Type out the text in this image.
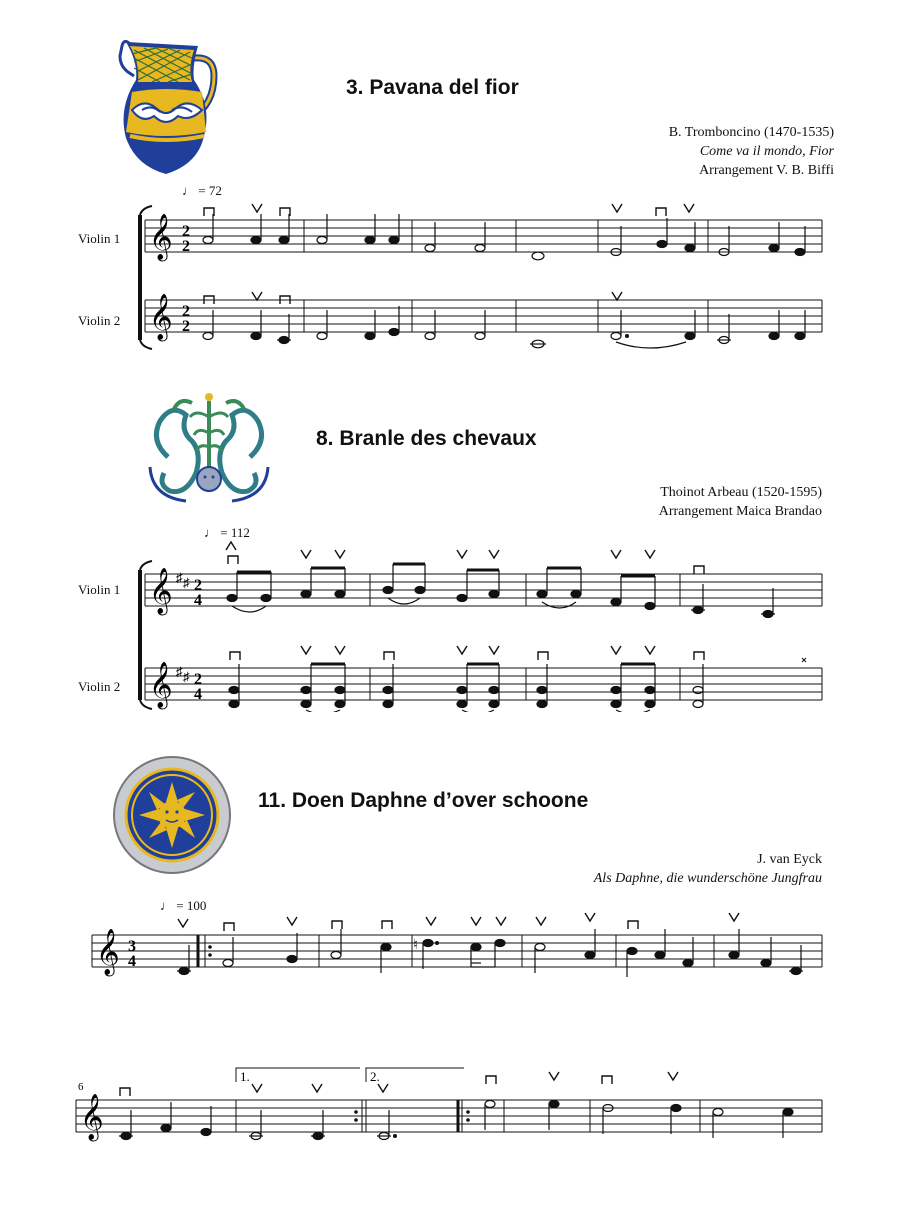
3. Pavana del fior
B. Tromboncino (1470-1535)
Come va il mondo, Fior
Arrangement V. B. Biffi
♩ = 72
Violin 1
Violin 2
𝄞
𝄞
2
2
2
2
8. Branle des chevaux
Thoinot Arbeau (1520-1595)
Arrangement Maica Brandao
♩ = 112
Violin 1
Violin 2
𝄞
𝄞
♯ ♯
♯ ♯
2
4
2
4
11. Doen Daphne d’over schoone
J. van Eyck
Als Daphne, die wunderschöne Jungfrau
♩ = 100
𝄞 3
4
♮
6
1.	2.
𝄞
